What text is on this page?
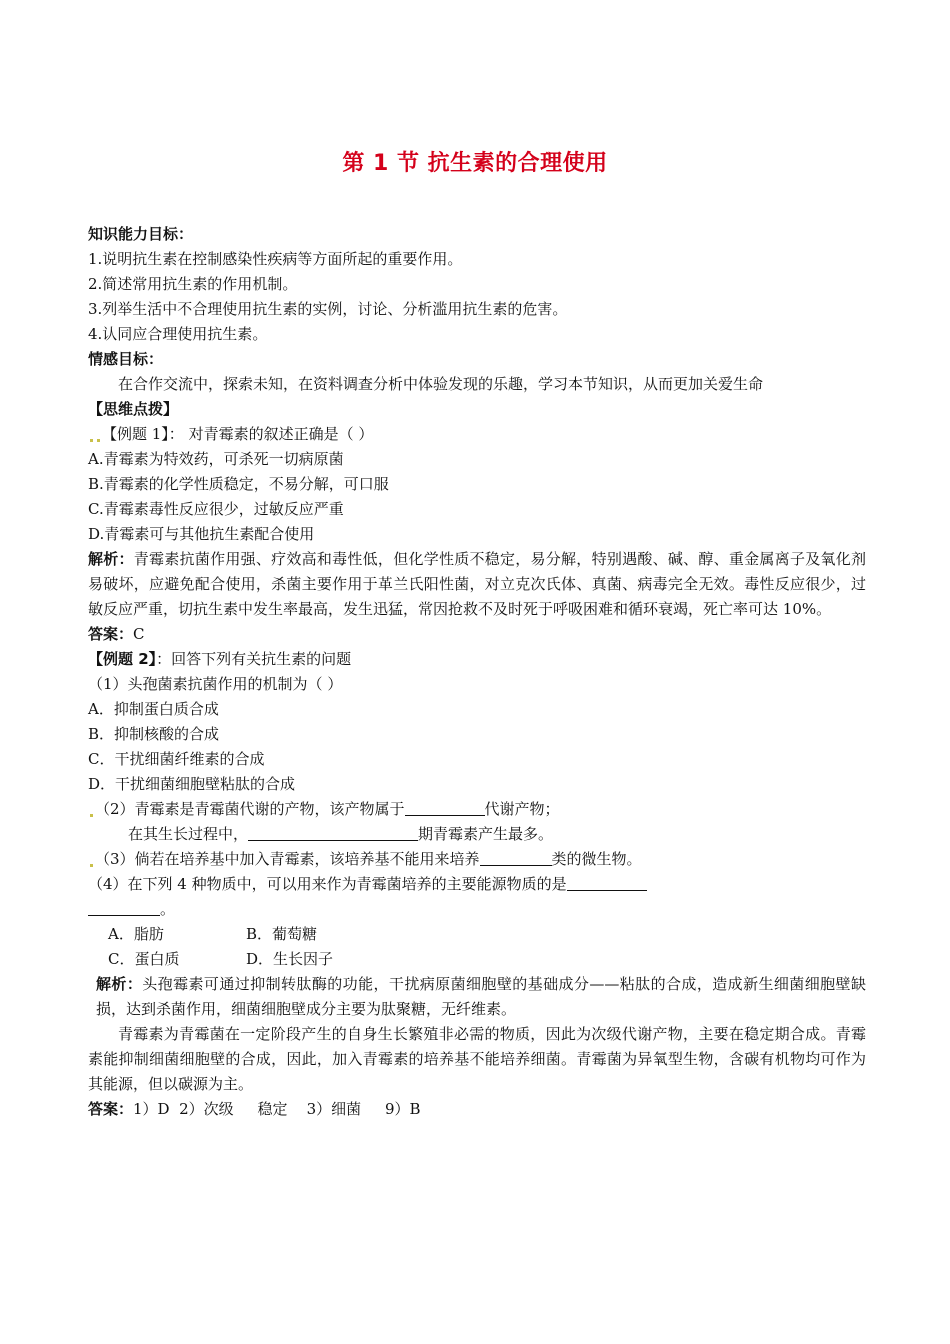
第 1 节 抗生素的合理使用
知识能力目标：
1.说明抗生素在控制感染性疾病等方面所起的重要作用。
2.简述常用抗生素的作用机制。
3.列举生活中不合理使用抗生素的实例，讨论、分析滥用抗生素的危害。
4.认同应合理使用抗生素。
情感目标：
在合作交流中，探索未知，在资料调查分析中体验发现的乐趣，学习本节知识，从而更加关爱生命
【思维点拨】
【例题 1】： 对青霉素的叙述正确是（ ）
A.青霉素为特效药，可杀死一切病原菌
B.青霉素的化学性质稳定，不易分解，可口服
C.青霉素毒性反应很少，过敏反应严重
D.青霉素可与其他抗生素配合使用
解析：青霉素抗菌作用强、疗效高和毒性低，但化学性质不稳定，易分解，特别遇酸、碱、醇、重金属离子及氧化剂易破坏，应避免配合使用，杀菌主要作用于革兰氏阳性菌，对立克次氏体、真菌、病毒完全无效。毒性反应很少，过敏反应严重，切抗生素中发生率最高，发生迅猛，常因抢救不及时死于呼吸困难和循环衰竭，死亡率可达 10%。
答案：C
【例题 2】：回答下列有关抗生素的问题
（1）头孢菌素抗菌作用的机制为（ ）
A．抑制蛋白质合成
B．抑制核酸的合成
C．干扰细菌纤维素的合成
D．干扰细菌细胞壁粘肽的合成
（2）青霉素是青霉菌代谢的产物，该产物属于	代谢产物；
在其生长过程中，	期青霉素产生最多。
（3）倘若在培养基中加入青霉素，该培养基不能用来培养	类的微生物。
（4）在下列 4 种物质中，可以用来作为青霉菌培养的主要能源物质的是
。
A．脂肪	B．葡萄糖
C．蛋白质	D．生长因子
解析：头孢霉素可通过抑制转肽酶的功能，干扰病原菌细胞壁的基础成分——粘肽的合成，造成新生细菌细胞壁缺损，达到杀菌作用，细菌细胞壁成分主要为肽聚糖，无纤维素。
青霉素为青霉菌在一定阶段产生的自身生长繁殖非必需的物质，因此为次级代谢产物，主要在稳定期合成。青霉素能抑制细菌细胞壁的合成，因此，加入青霉素的培养基不能培养细菌。青霉菌为异氧型生物，含碳有机物均可作为其能源，但以碳源为主。
答案：1）D  2）次级     稳定    3）细菌     9）B
